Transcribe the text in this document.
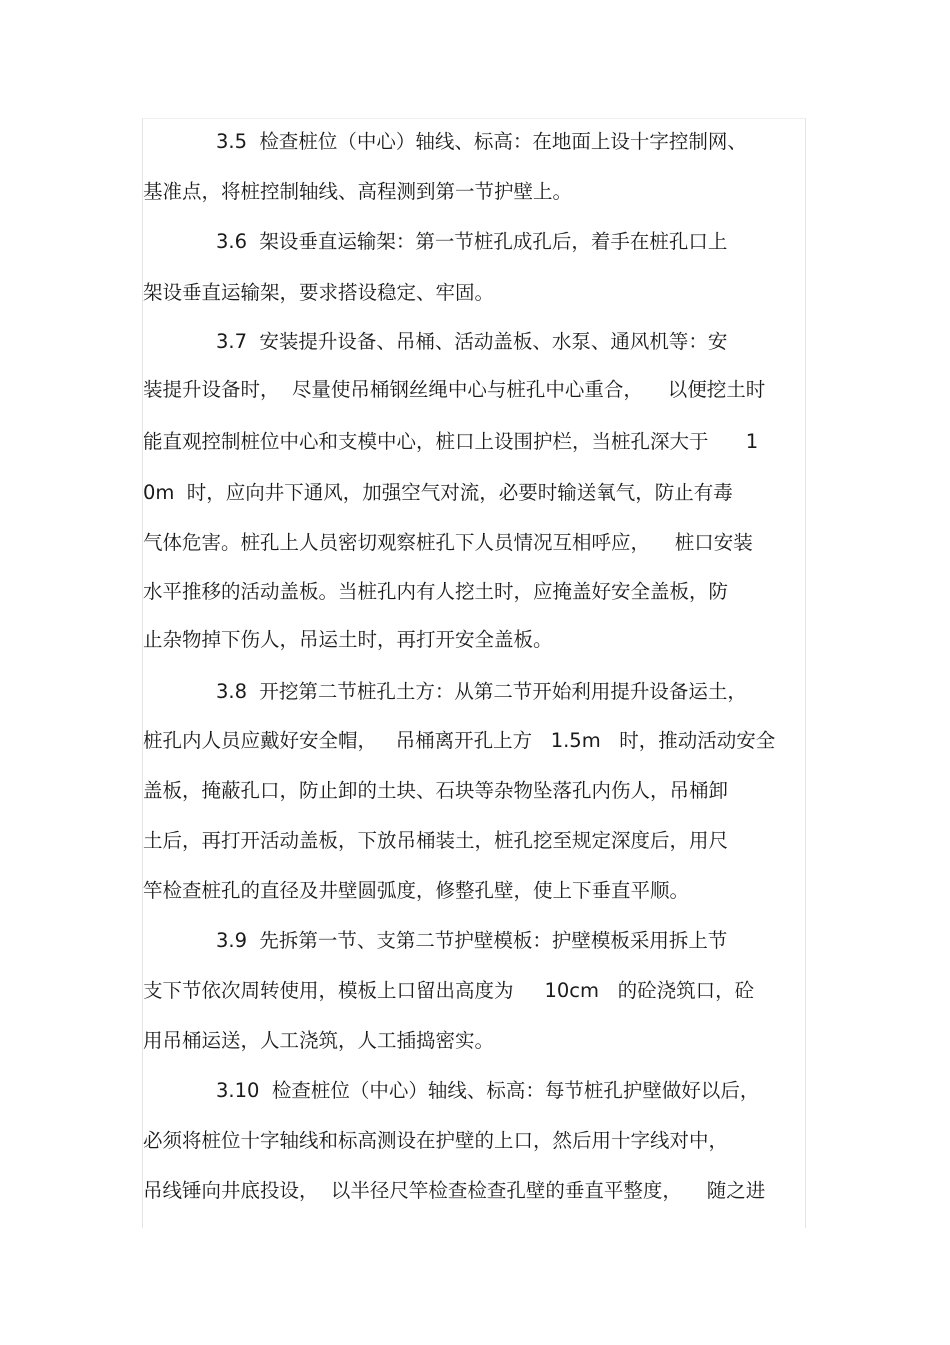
3.5  检查桩位（中心）轴线、标高：在地面上设十字控制网、
基准点，将桩控制轴线、高程测到第一节护壁上。
3.6  架设垂直运输架：第一节桩孔成孔后，着手在桩孔口上
架设垂直运输架，要求搭设稳定、牢固。
3.7  安装提升设备、吊桶、活动盖板、水泵、通风机等：安
装提升设备时，  尽量使吊桶钢丝绳中心与桩孔中心重合，    以便挖土时
能直观控制桩位中心和支模中心，桩口上设围护栏，当桩孔深大于      1
0m  时，应向井下通风，加强空气对流，必要时输送氧气，防止有毒
气体危害。桩孔上人员密切观察桩孔下人员情况互相呼应，    桩口安装
水平推移的活动盖板。当桩孔内有人挖土时，应掩盖好安全盖板，防
止杂物掉下伤人，吊运土时，再打开安全盖板。
3.8  开挖第二节桩孔土方：从第二节开始利用提升设备运土，
桩孔内人员应戴好安全帽，   吊桶离开孔上方   1.5m   时，推动活动安全
盖板，掩蔽孔口，防止卸的土块、石块等杂物坠落孔内伤人，吊桶卸
土后，再打开活动盖板，下放吊桶装土，桩孔挖至规定深度后，用尺
竿检查桩孔的直径及井壁圆弧度，修整孔壁，使上下垂直平顺。
3.9  先拆第一节、支第二节护壁模板：护壁模板采用拆上节
支下节依次周转使用，模板上口留出高度为     10cm   的砼浇筑口，砼
用吊桶运送，人工浇筑，人工插捣密实。
3.10  检查桩位（中心）轴线、标高：每节桩孔护壁做好以后，
必须将桩位十字轴线和标高测设在护壁的上口，然后用十字线对中，
吊线锤向井底投设，  以半径尺竿检查检查孔壁的垂直平整度，    随之进
